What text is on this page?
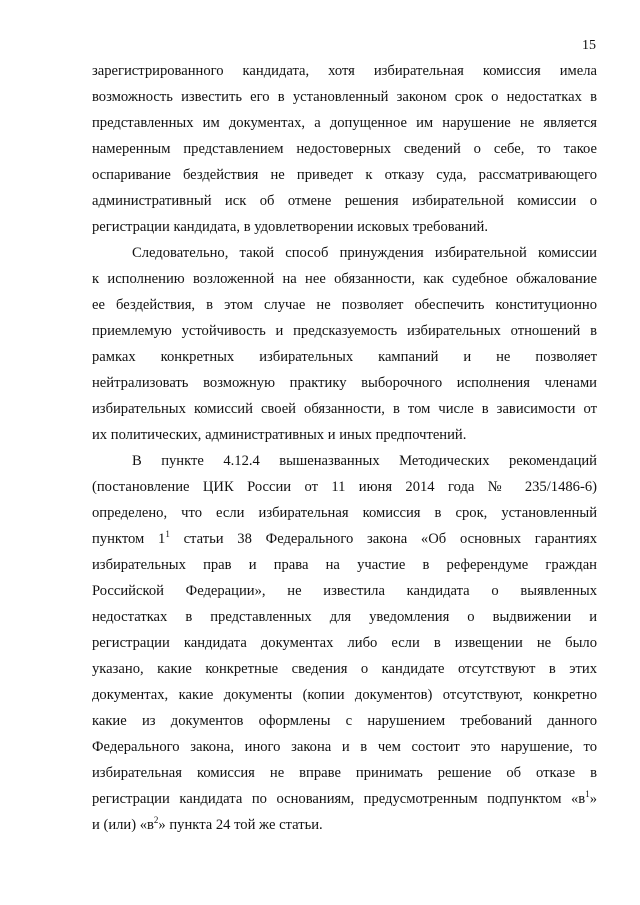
15
зарегистрированного кандидата, хотя избирательная комиссия имела
возможность известить его в установленный законом срок о недостатках в
представленных им документах, а допущенное им нарушение не является
намеренным представлением недостоверных сведений о себе, то такое
оспаривание бездействия не приведет к отказу суда, рассматривающего
административный иск об отмене решения избирательной комиссии о
регистрации кандидата, в удовлетворении исковых требований.
Следовательно, такой способ принуждения избирательной комиссии
к исполнению возложенной на нее обязанности, как судебное обжалование
ее бездействия, в этом случае не позволяет обеспечить конституционно
приемлемую устойчивость и предсказуемость избирательных отношений в
рамках конкретных избирательных кампаний и не позволяет
нейтрализовать возможную практику выборочного исполнения членами
избирательных комиссий своей обязанности, в том числе в зависимости от
их политических, административных и иных предпочтений.
В пункте 4.12.4 вышеназванных Методических рекомендаций
(постановление ЦИК России от 11 июня 2014 года № 235/1486-6)
определено, что если избирательная комиссия в срок, установленный
пунктом $1^1$ статьи 38 Федерального закона «Об основных гарантиях
избирательных прав и права на участие в референдуме граждан
Российской Федерации», не известила кандидата о выявленных
недостатках в представленных для уведомления о выдвижении и
регистрации кандидата документах либо если в извещении не было
указано, какие конкретные сведения о кандидате отсутствуют в этих
документах, какие документы (копии документов) отсутствуют, конкретно
какие из документов оформлены с нарушением требований данного
Федерального закона, иного закона и в чем состоит это нарушение, то
избирательная комиссия не вправе принимать решение об отказе в
регистрации кандидата по основаниям, предусмотренным подпунктом «$в^1$»
и (или) «$в^2$» пункта 24 той же статьи.
